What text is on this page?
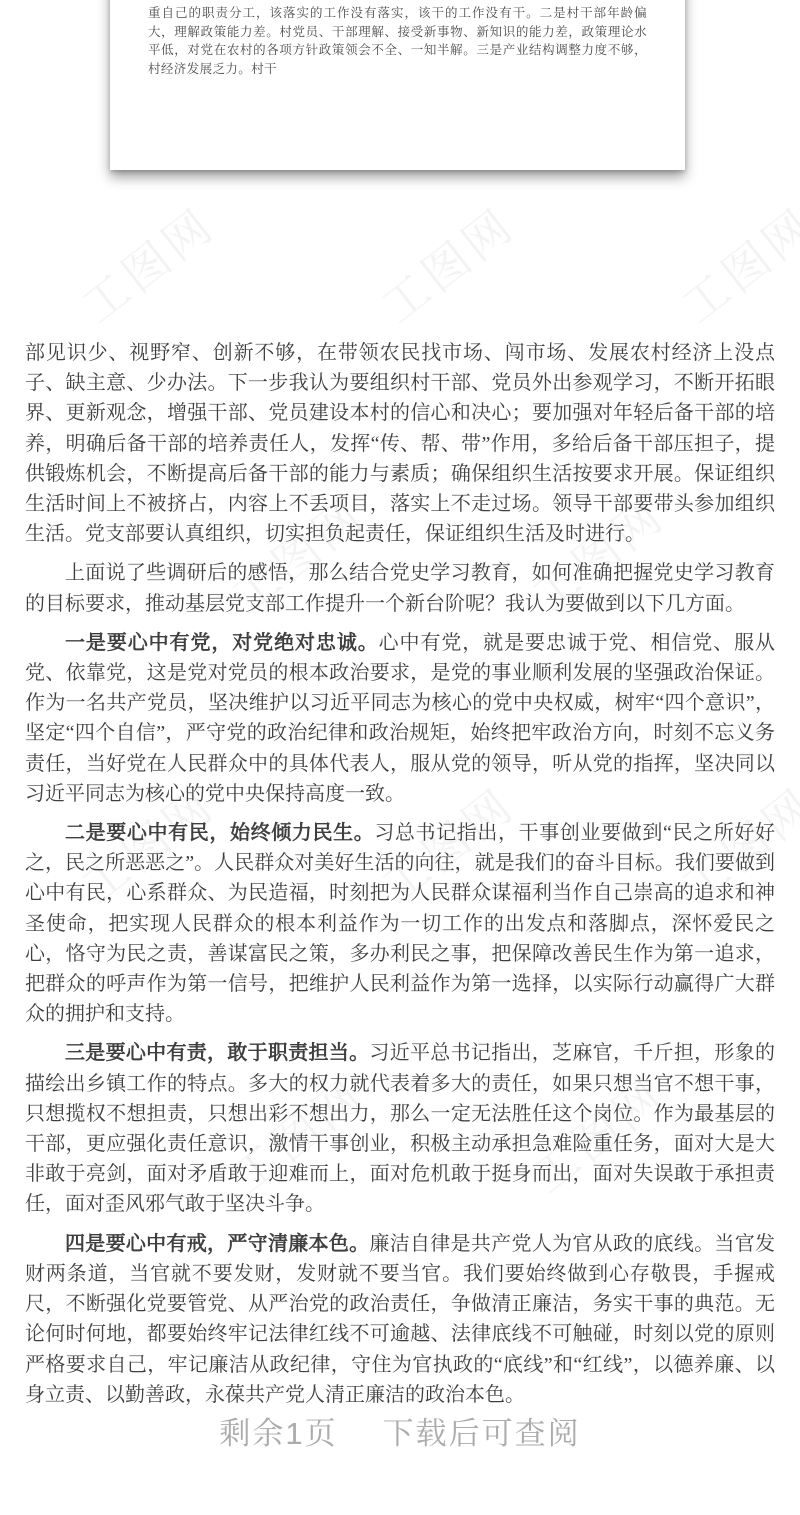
重自己的职责分工，该落实的工作没有落实，该干的工作没有干。二是村干部年龄偏大，理解政策能力差。村党员、干部理解、接受新事物、新知识的能力差，政策理论水平低，对党在农村的各项方针政策领会不全、一知半解。三是产业结构调整力度不够，村经济发展乏力。村干

部见识少、视野窄、创新不够，在带领农民找市场、闯市场、发展农村经济上没点子、缺主意、少办法。下一步我认为要组织村干部、党员外出参观学习，不断开拓眼界、更新观念，增强干部、党员建设本村的信心和决心；要加强对年轻后备干部的培养，明确后备干部的培养责任人，发挥“传、帮、带”作用，多给后备干部压担子，提供锻炼机会，不断提高后备干部的能力与素质；确保组织生活按要求开展。保证组织生活时间上不被挤占，内容上不丢项目，落实上不走过场。领导干部要带头参加组织生活。党支部要认真组织，切实担负起责任，保证组织生活及时进行。

上面说了些调研后的感悟，那么结合党史学习教育，如何准确把握党史学习教育的目标要求，推动基层党支部工作提升一个新台阶呢？我认为要做到以下几方面。

一是要心中有党，对党绝对忠诚。心中有党，就是要忠诚于党、相信党、服从党、依靠党，这是党对党员的根本政治要求，是党的事业顺利发展的坚强政治保证。作为一名共产党员，坚决维护以习近平同志为核心的党中央权威，树牢“四个意识”，坚定“四个自信”，严守党的政治纪律和政治规矩，始终把牢政治方向，时刻不忘义务责任，当好党在人民群众中的具体代表人，服从党的领导，听从党的指挥，坚决同以习近平同志为核心的党中央保持高度一致。

二是要心中有民，始终倾力民生。习总书记指出，干事创业要做到“民之所好好之，民之所恶恶之”。人民群众对美好生活的向往，就是我们的奋斗目标。我们要做到心中有民，心系群众、为民造福，时刻把为人民群众谋福利当作自己崇高的追求和神圣使命，把实现人民群众的根本利益作为一切工作的出发点和落脚点，深怀爱民之心，恪守为民之责，善谋富民之策，多办利民之事，把保障改善民生作为第一追求，把群众的呼声作为第一信号，把维护人民利益作为第一选择，以实际行动赢得广大群众的拥护和支持。

三是要心中有责，敢于职责担当。习近平总书记指出，芝麻官，千斤担，形象的描绘出乡镇工作的特点。多大的权力就代表着多大的责任，如果只想当官不想干事，只想揽权不想担责，只想出彩不想出力，那么一定无法胜任这个岗位。作为最基层的干部，更应强化责任意识，激情干事创业，积极主动承担急难险重任务，面对大是大非敢于亮剑，面对矛盾敢于迎难而上，面对危机敢于挺身而出，面对失误敢于承担责任，面对歪风邪气敢于坚决斗争。

四是要心中有戒，严守清廉本色。廉洁自律是共产党人为官从政的底线。当官发财两条道，当官就不要发财，发财就不要当官。我们要始终做到心存敬畏，手握戒尺，不断强化党要管党、从严治党的政治责任，争做清正廉洁，务实干事的典范。无论何时何地，都要始终牢记法律红线不可逾越、法律底线不可触碰，时刻以党的原则严格要求自己，牢记廉洁从政纪律，守住为官执政的“底线”和“红线”，以德养廉、以身立责、以勤善政，永葆共产党人清正廉洁的政治本色。

剩余1页 下载后可查阅
